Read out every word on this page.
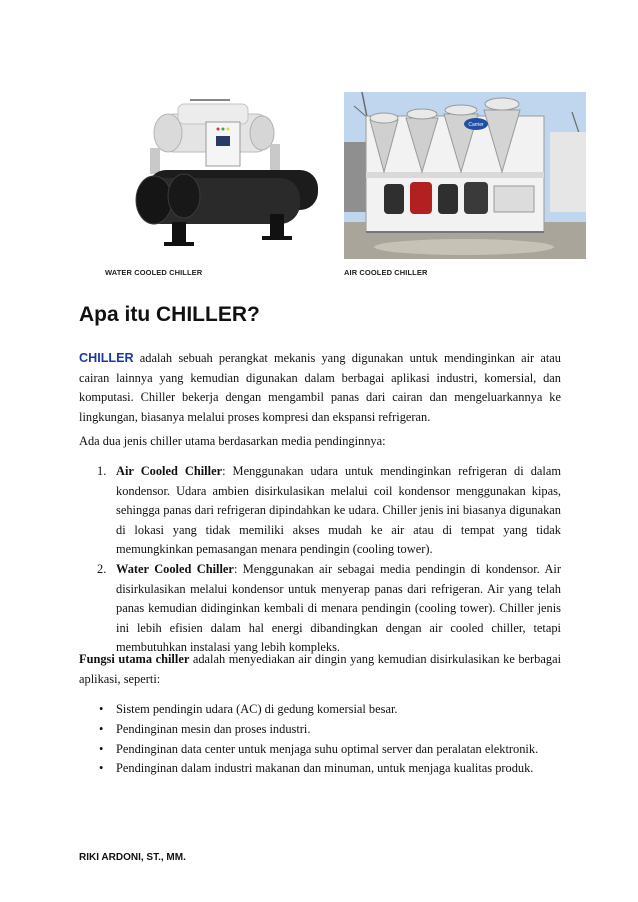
WATER COOLED CHILLER
Carrier
AIR COOLED CHILLER
Apa itu CHILLER?

CHILLER adalah sebuah perangkat mekanis yang digunakan untuk mendinginkan air atau cairan lainnya yang kemudian digunakan dalam berbagai aplikasi industri, komersial, dan komputasi. Chiller bekerja dengan mengambil panas dari cairan dan mengeluarkannya ke lingkungan, biasanya melalui proses kompresi dan ekspansi refrigeran.

Ada dua jenis chiller utama berdasarkan media pendinginnya:

1. Air Cooled Chiller: Menggunakan udara untuk mendinginkan refrigeran di dalam kondensor. Udara ambien disirkulasikan melalui coil kondensor menggunakan kipas, sehingga panas dari refrigeran dipindahkan ke udara. Chiller jenis ini biasanya digunakan di lokasi yang tidak memiliki akses mudah ke air atau di tempat yang tidak memungkinkan pemasangan menara pendingin (cooling tower).
2. Water Cooled Chiller: Menggunakan air sebagai media pendingin di kondensor. Air disirkulasikan melalui kondensor untuk menyerap panas dari refrigeran. Air yang telah panas kemudian didinginkan kembali di menara pendingin (cooling tower). Chiller jenis ini lebih efisien dalam hal energi dibandingkan dengan air cooled chiller, tetapi membutuhkan instalasi yang lebih kompleks.

Fungsi utama chiller adalah menyediakan air dingin yang kemudian disirkulasikan ke berbagai aplikasi, seperti:

• Sistem pendingin udara (AC) di gedung komersial besar.
• Pendinginan mesin dan proses industri.
• Pendinginan data center untuk menjaga suhu optimal server dan peralatan elektronik.
• Pendinginan dalam industri makanan dan minuman, untuk menjaga kualitas produk.
RIKI ARDONI, ST., MM.
